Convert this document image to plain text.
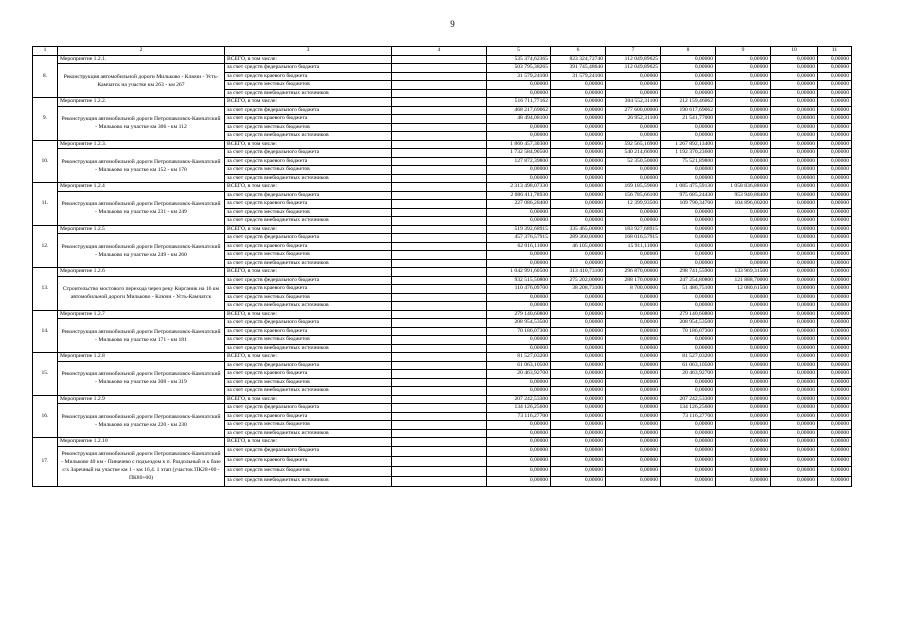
9
1	2	3	4	5	6	7	8	9	10	11
8.	Мероприятие 1.2.1.	ВСЕГО, в том числе:		535 374,62365	823 324,72740	112 049,89625	0,00000	0,00000	0,00000	0,00000
	Реконструкция автомобильной дороги Мильково - Ключи - Усть-Камчатск на участке км 263 - км 267	за счет средств федерального бюджета		503 795,38265	391 745,48640	112 049,89625	0,00000	0,00000	0,00000	0,00000
		за счет средств краевого бюджета		31 579,24100	31 579,24100	0,00000	0,00000	0,00000	0,00000	0,00000
		за счет средств местных бюджетов		0,00000	0,00000	0,00000	0,00000	0,00000	0,00000	0,00000
		за счет средств внебюджетных источников		0,00000	0,00000	0,00000	0,00000	0,00000	0,00000	0,00000
9.	Мероприятие 1.2.2.	ВСЕГО, в том числе:		516 711,77162	0,00000	304 552,31100	212 159,46062	0,00000	0,00000	0,00000
	Реконструкция автомобильной дороги Петропавловск-Камчатский - Мильково на участке км 306 - км 112	за счет средств федерального бюджета		468 217,69062	0,00000	277 600,00000	190 617,69062	0,00000	0,00000	0,00000
		за счет средств краевого бюджета		48 494,08100	0,00000	26 952,31100	21 541,77000	0,00000	0,00000	0,00000
		за счет средств местных бюджетов		0,00000	0,00000	0,00000	0,00000	0,00000	0,00000	0,00000
		за счет средств внебюджетных источников		0,00000	0,00000	0,00000	0,00000	0,00000	0,00000	0,00000
10.	Мероприятие 1.2.3.	ВСЕГО, в том числе:		1 860 457,30300	0,00000	592 565,16900	1 267 892,13400	0,00000	0,00000	0,00000
	Реконструкция автомобильной дороги Петропавловск-Камчатский - Мильково на участке км 152 - км 170	за счет средств федерального бюджета		1 732 584,90500	0,00000	540 214,66900	1 192 370,23600	0,00000	0,00000	0,00000
		за счет средств краевого бюджета		127 872,39800	0,00000	52 350,50000	75 521,89800	0,00000	0,00000	0,00000
		за счет средств местных бюджетов		0,00000	0,00000	0,00000	0,00000	0,00000	0,00000	0,00000
		за счет средств внебюджетных источников		0,00000	0,00000	0,00000	0,00000	0,00000	0,00000	0,00000
11.	Мероприятие 1.2.4	ВСЕГО, в том числе:		2 313 498,07330	0,00000	169 185,59600	1 085 475,59130	1 058 836,88600	0,00000	0,00000
	Реконструкция автомобильной дороги Петропавловск-Камчатский - Мильково на участке км 231 - км 249	за счет средств федерального бюджета		2 086 411,78930	0,00000	156 785,66100	975 685,24430	953 940,88400	0,00000	0,00000
		за счет средств краевого бюджета		227 086,28400	0,00000	12 399,93500	109 790,34700	104 896,00200	0,00000	0,00000
		за счет средств местных бюджетов		0,00000	0,00000	0,00000	0,00000	0,00000	0,00000	0,00000
		за счет средств внебюджетных источников		0,00000	0,00000	0,00000	0,00000	0,00000	0,00000	0,00000
12.	Мероприятие 1.2.5	ВСЕГО, в том числе:		519 392,68915	335 465,00000	183 927,68915	0,00000	0,00000	0,00000	0,00000
	Реконструкция автомобильной дороги Петропавловск-Камчатский - Мильково на участке км 249 - км 260	за счет средств федерального бюджета		457 376,57915	289 360,00000	168 016,57915	0,00000	0,00000	0,00000	0,00000
		за счет средств краевого бюджета		62 016,11000	46 105,00000	15 911,11000	0,00000	0,00000	0,00000	0,00000
		за счет средств местных бюджетов		0,00000	0,00000	0,00000	0,00000	0,00000	0,00000	0,00000
		за счет средств внебюджетных источников		0,00000	0,00000	0,00000	0,00000	0,00000	0,00000	0,00000
13.	Мероприятие 1.2.6	ВСЕГО, в том числе:		1 042 991,60500	313 410,73100	296 870,00000	298 741,55900	133 969,31500	0,00000	0,00000
	Строительство мостового перехода через реку Кирганик на 16 км автомобильной дороги Мильково - Ключи - Усть-Камчатск	за счет средств федерального бюджета		932 515,50800	275 202,00000	288 170,00000	247 254,80800	121 888,70000	0,00000	0,00000
		за счет средств краевого бюджета		110 476,09700	38 208,73100	8 700,00000	51 486,75100	12 080,61500	0,00000	0,00000
		за счет средств местных бюджетов		0,00000	0,00000	0,00000	0,00000	0,00000	0,00000	0,00000
		за счет средств внебюджетных источников		0,00000	0,00000	0,00000	0,00000	0,00000	0,00000	0,00000
14.	Мероприятие 1.2.7	ВСЕГО, в том числе:		279 140,60800	0,00000	0,00000	279 140,60800	0,00000	0,00000	0,00000
	Реконструкция автомобильной дороги Петропавловск-Камчатский - Мильково на участке км 171 - км 181	за счет средств федерального бюджета		208 954,53500	0,00000	0,00000	208 954,53500	0,00000	0,00000	0,00000
		за счет средств краевого бюджета		70 186,07300	0,00000	0,00000	70 186,07300	0,00000	0,00000	0,00000
		за счет средств местных бюджетов		0,00000	0,00000	0,00000	0,00000	0,00000	0,00000	0,00000
		за счет средств внебюджетных источников		0,00000	0,00000	0,00000	0,00000	0,00000	0,00000	0,00000
15.	Мероприятие 1.2.8	ВСЕГО, в том числе:		81 527,03200	0,00000	0,00000	81 527,03200	0,00000	0,00000	0,00000
	Реконструкция автомобильной дороги Петропавловск-Камчатский - Мильково на участке км 308 - км 319	за счет средств федерального бюджета		61 063,10500	0,00000	0,00000	61 063,10500	0,00000	0,00000	0,00000
		за счет средств краевого бюджета		20 463,92700	0,00000	0,00000	20 463,92700	0,00000	0,00000	0,00000
		за счет средств местных бюджетов		0,00000	0,00000	0,00000	0,00000	0,00000	0,00000	0,00000
		за счет средств внебюджетных источников		0,00000	0,00000	0,00000	0,00000	0,00000	0,00000	0,00000
16.	Мероприятие 1.2.9	ВСЕГО, в том числе:		207 242,53300	0,00000	0,00000	207 242,53300	0,00000	0,00000	0,00000
	Реконструкция автомобильной дороги Петропавловск-Камчатский - Мильково на участке км 220 - км 230	за счет средств федерального бюджета		134 126,25600	0,00000	0,00000	134 126,25600	0,00000	0,00000	0,00000
		за счет средств краевого бюджета		73 116,27700	0,00000	0,00000	73 116,27700	0,00000	0,00000	0,00000
		за счет средств местных бюджетов		0,00000	0,00000	0,00000	0,00000	0,00000	0,00000	0,00000
		за счет средств внебюджетных источников		0,00000	0,00000	0,00000	0,00000	0,00000	0,00000	0,00000
17.	Мероприятие 1.2.10	ВСЕГО, в том числе:		0,00000	0,00000	0,00000	0,00000	0,00000	0,00000	0,00000
	Реконструкция автомобильной дороги Петропавловск-Камчатский - Мильково 40 км - Пиначево с подъездом к п. Раздольный и к базе с/х Заречный на участке км 1 - км 16,4. 1 этап (участок ПК28+00 - ПК80+00)	за счет средств федерального бюджета		0,00000	0,00000	0,00000	0,00000	0,00000	0,00000	0,00000
		за счет средств краевого бюджета		0,00000	0,00000	0,00000	0,00000	0,00000	0,00000	0,00000
		за счет средств местных бюджетов		0,00000	0,00000	0,00000	0,00000	0,00000	0,00000	0,00000
		за счет средств внебюджетных источников		0,00000	0,00000	0,00000	0,00000	0,00000	0,00000	0,00000
